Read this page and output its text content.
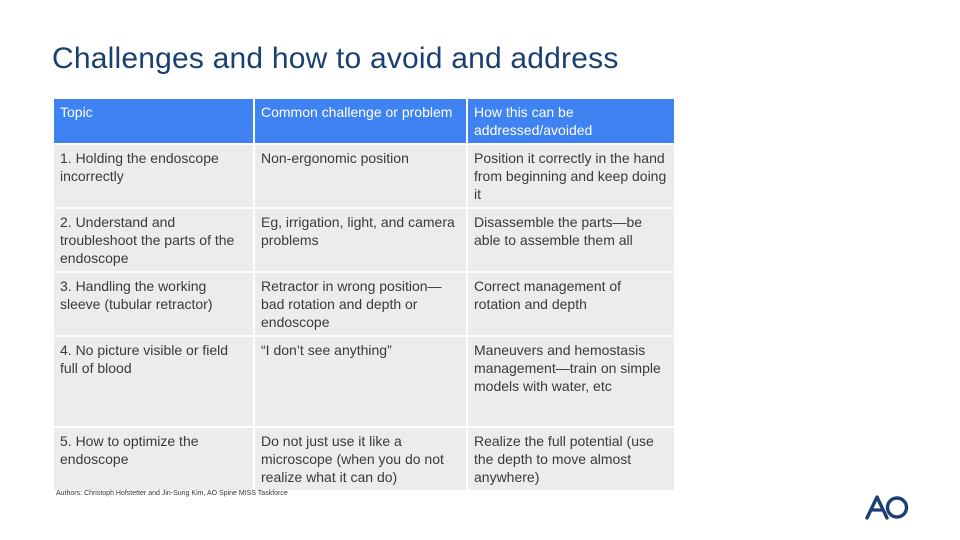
Challenges and how to avoid and address
Topic	Common challenge or problem	How this can be addressed/avoided
1. Holding the endoscope incorrectly	Non-ergonomic position	Position it correctly in the hand from beginning and keep doing it
2. Understand and troubleshoot the parts of the endoscope	Eg, irrigation, light, and camera problems	Disassemble the parts—be able to assemble them all
3. Handling the working sleeve (tubular retractor)	Retractor in wrong position—bad rotation and depth or endoscope	Correct management of rotation and depth
4. No picture visible or field full of blood	“I don’t see anything”	Maneuvers and hemostasis management—train on simple models with water, etc
5. How to optimize the endoscope	Do not just use it like a microscope (when you do not realize what it can do)	Realize the full potential (use the depth to move almost anywhere)

Authors: Christoph Hofstetter and Jin-Sung Kim, AO Spine MISS Taskforce
